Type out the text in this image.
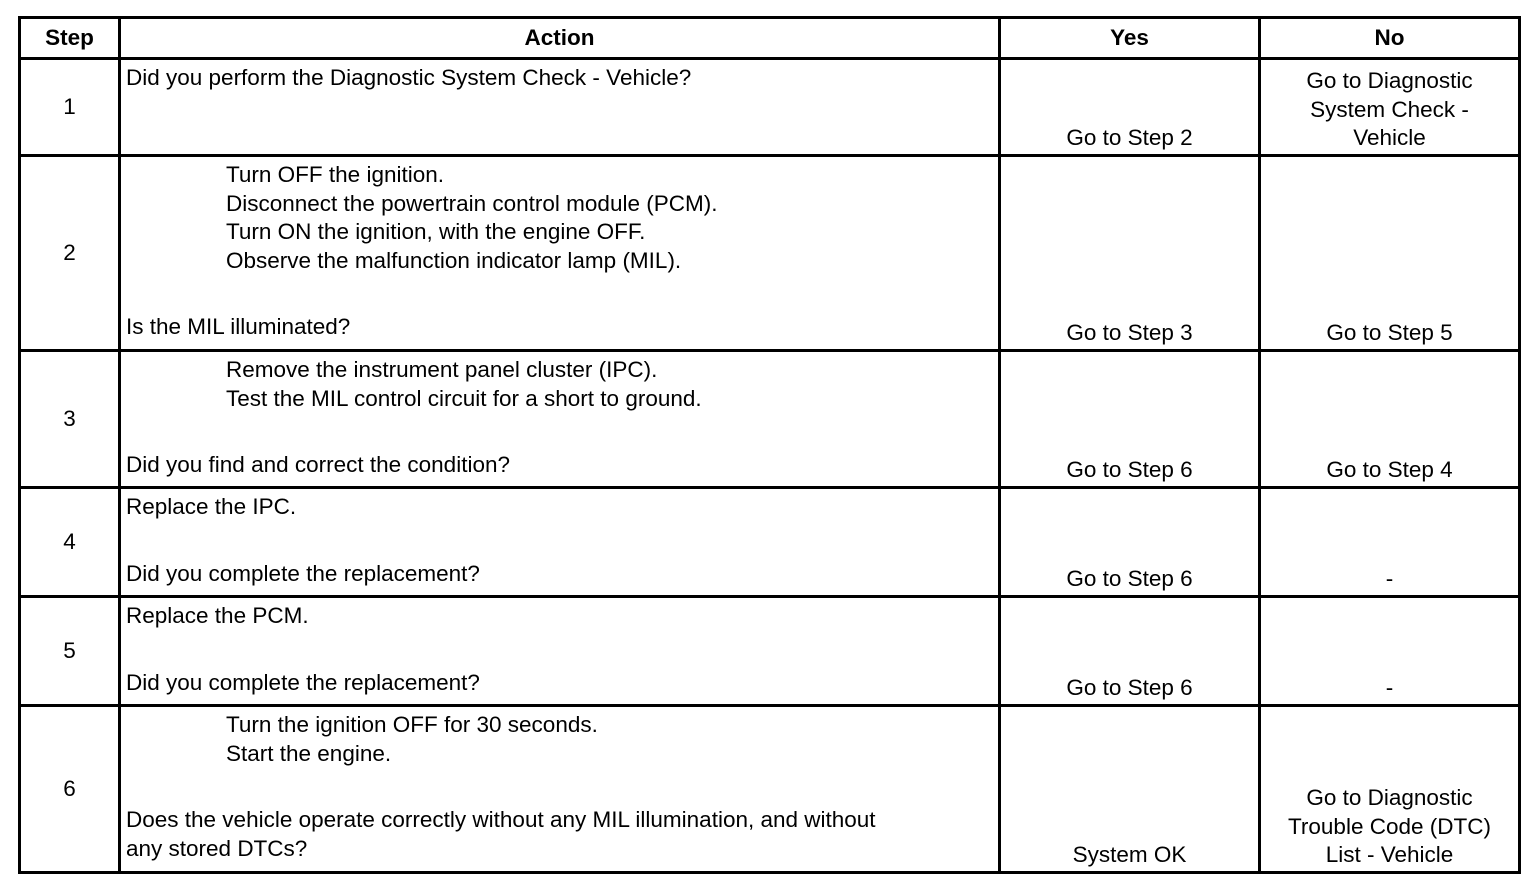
Step	Action	Yes	No
1	Did you perform the Diagnostic System Check - Vehicle?	Go to Step 2	Go to Diagnostic
System Check -
Vehicle

2	Turn OFF the ignition.
Disconnect the powertrain control module (PCM).
Turn ON the ignition, with the engine OFF.
Observe the malfunction indicator lamp (MIL).
Is the MIL illuminated?	Go to Step 3	Go to Step 5

3	Remove the instrument panel cluster (IPC).
Test the MIL control circuit for a short to ground.
Did you find and correct the condition?	Go to Step 6	Go to Step 4

4	Replace the IPC.
Did you complete the replacement?	Go to Step 6	-

5	Replace the PCM.
Did you complete the replacement?	Go to Step 6	-

6	Turn the ignition OFF for 30 seconds.
Start the engine.
Does the vehicle operate correctly without any MIL illumination, and without
any stored DTCs?	System OK	Go to Diagnostic
Trouble Code (DTC)
List - Vehicle
